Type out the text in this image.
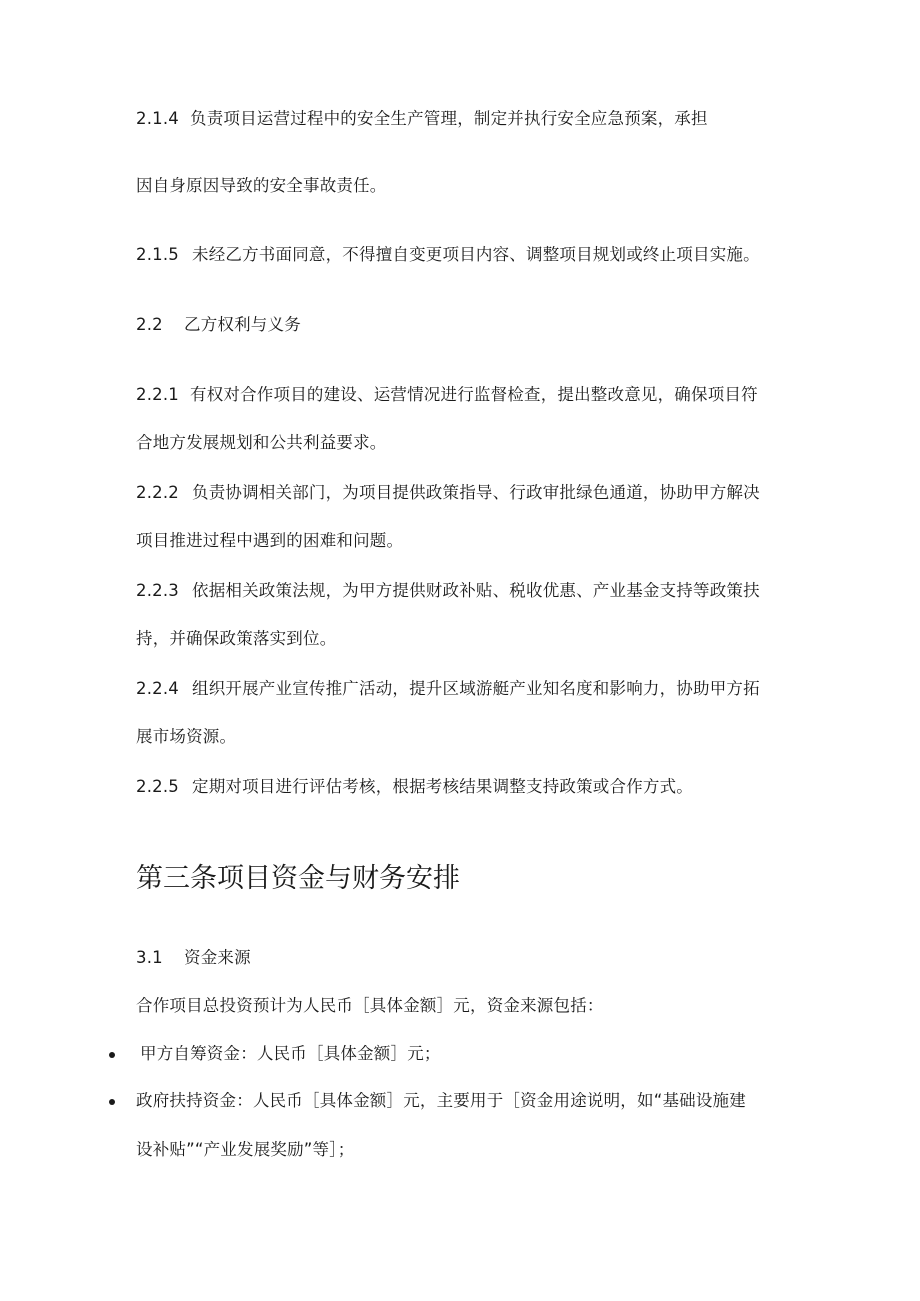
2.1.4 负责项目运营过程中的安全生产管理，制定并执行安全应急预案，承担
因自身原因导致的安全事故责任。
2.1.5 未经乙方书面同意，不得擅自变更项目内容、调整项目规划或终止项目实施。
2.2 乙方权利与义务
2.2.1 有权对合作项目的建设、运营情况进行监督检查，提出整改意见，确保项目符
合地方发展规划和公共利益要求。
2.2.2 负责协调相关部门，为项目提供政策指导、行政审批绿色通道，协助甲方解决
项目推进过程中遇到的困难和问题。
2.2.3 依据相关政策法规，为甲方提供财政补贴、税收优惠、产业基金支持等政策扶
持，并确保政策落实到位。
2.2.4 组织开展产业宣传推广活动，提升区域游艇产业知名度和影响力，协助甲方拓
展市场资源。
2.2.5 定期对项目进行评估考核，根据考核结果调整支持政策或合作方式。
第三条项目资金与财务安排
3.1 资金来源
合作项目总投资预计为人民币［具体金额］元，资金来源包括：
甲方自筹资金：人民币［具体金额］元；
政府扶持资金：人民币［具体金额］元，主要用于［资金用途说明，如“基础设施建
设补贴”“产业发展奖励”等］；
